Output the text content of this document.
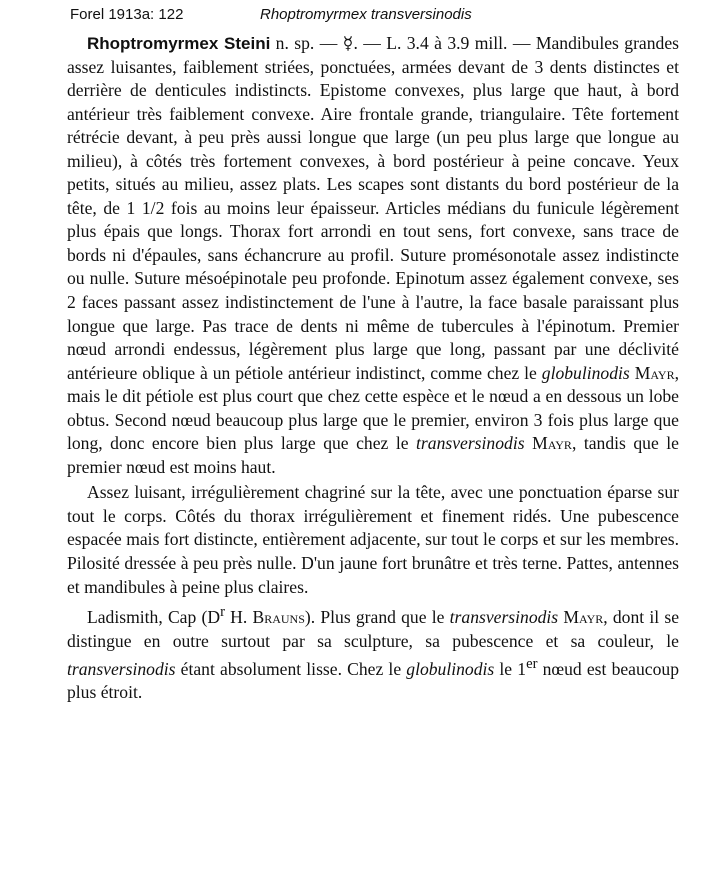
Forel 1913a: 122	Rhoptromyrmex transversinodis

Rhoptromyrmex Steini n. sp. — ☿. — L. 3.4 à 3.9 mill. — Mandibules grandes assez luisantes, faiblement striées, ponctuées, armées devant de 3 dents distinctes et derrière de denticules indistincts. Epistome convexes, plus large que haut, à bord antérieur très faiblement convexe. Aire frontale grande, triangulaire. Tête fortement rétrécie devant, à peu près aussi longue que large (un peu plus large que longue au milieu), à côtés très fortement convexes, à bord postérieur à peine concave. Yeux petits, situés au milieu, assez plats. Les scapes sont distants du bord postérieur de la tête, de 1 1/2 fois au moins leur épaisseur. Articles médians du funicule légèrement plus épais que longs. Thorax fort arrondi en tout sens, fort convexe, sans trace de bords ni d'épaules, sans échancrure au profil. Suture promésonotale assez indistincte ou nulle. Suture mésoépinotale peu profonde. Epinotum assez également convexe, ses 2 faces passant assez indistinctement de l'une à l'autre, la face basale paraissant plus longue que large. Pas trace de dents ni même de tubercules à l'épinotum. Premier nœud arrondi endessus, légèrement plus large que long, passant par une déclivité antérieure oblique à un pétiole antérieur indistinct, comme chez le globulinodis Mayr, mais le dit pétiole est plus court que chez cette espèce et le nœud a en dessous un lobe obtus. Second nœud beaucoup plus large que le premier, environ 3 fois plus large que long, donc encore bien plus large que chez le transversinodis Mayr, tandis que le premier nœud est moins haut.

Assez luisant, irrégulièrement chagriné sur la tête, avec une ponctuation éparse sur tout le corps. Côtés du thorax irrégulièrement et finement ridés. Une pubescence espacée mais fort distincte, entièrement adjacente, sur tout le corps et sur les membres. Pilosité dressée à peu près nulle. D'un jaune fort brunâtre et très terne. Pattes, antennes et mandibules à peine plus claires.

Ladismith, Cap ($D^r$ H. Brauns). Plus grand que le transversinodis Mayr, dont il se distingue en outre surtout par sa sculpture, sa pubescence et sa couleur, le transversinodis étant absolument lisse. Chez le globulinodis le 1er nœud est beaucoup plus étroit.
